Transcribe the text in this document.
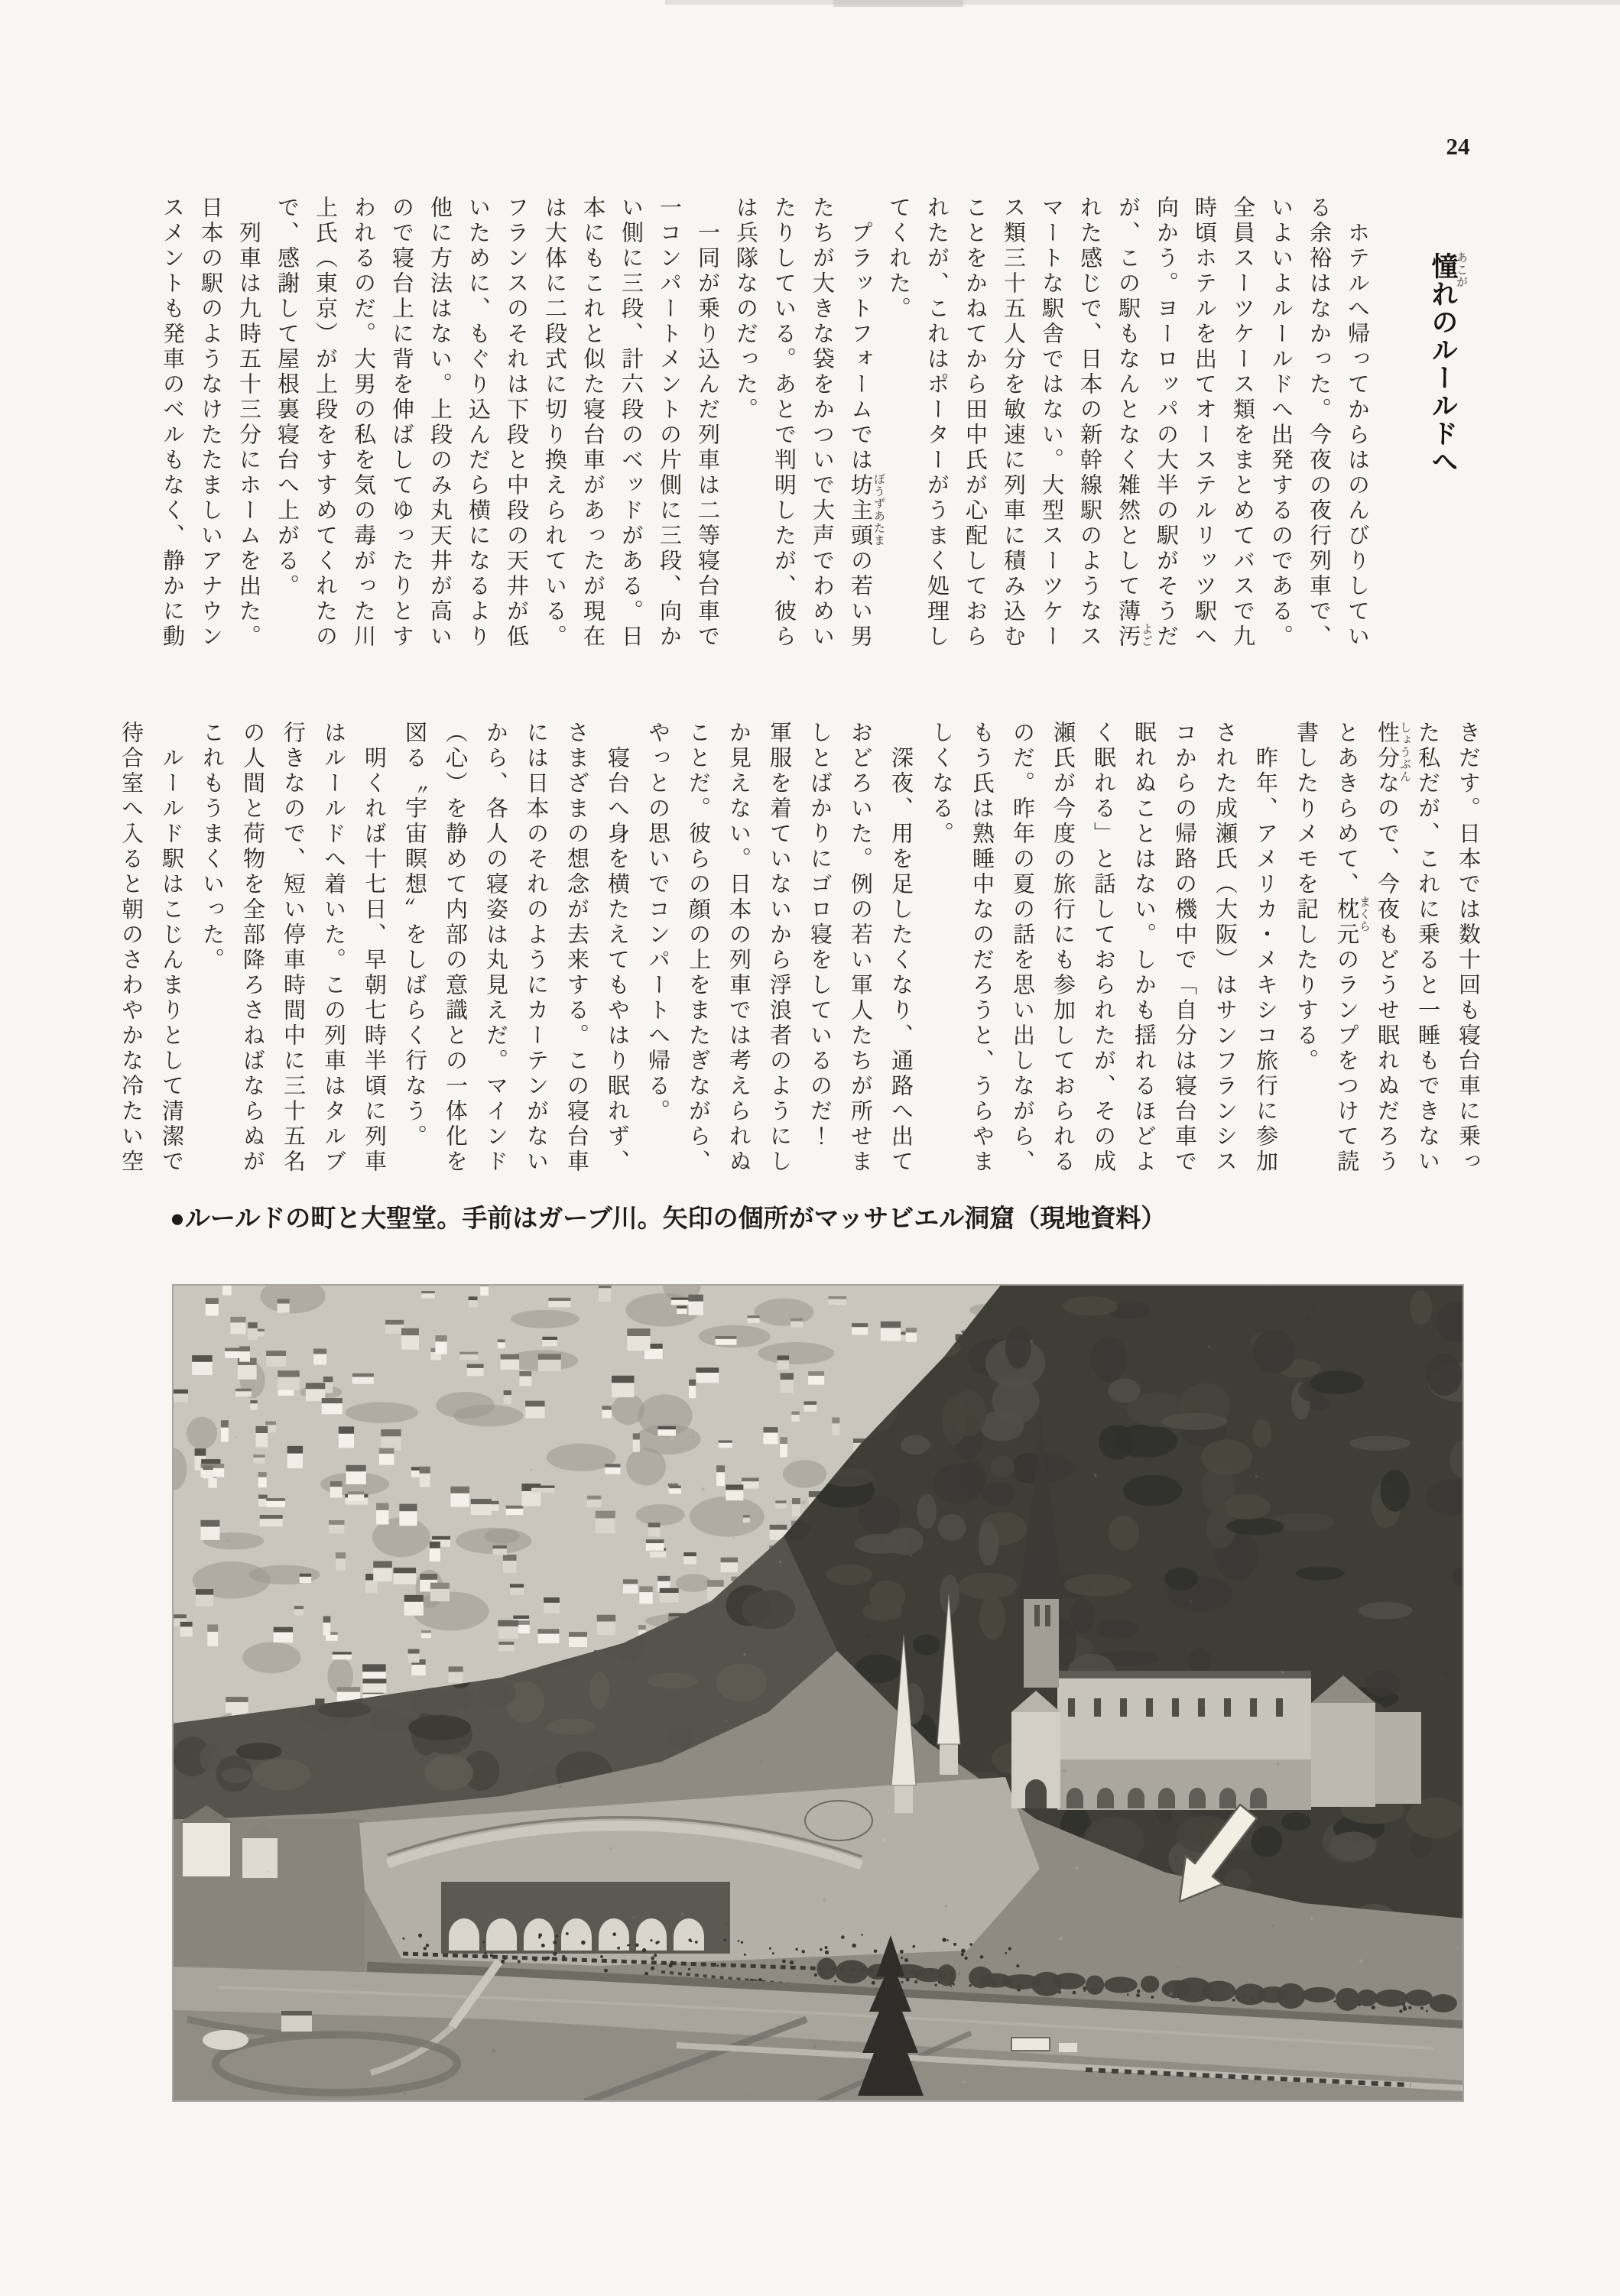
24
憧れのルールドへ
あこが

　ホテルへ帰ってからはのんびりしてい

る余裕はなかった。今夜の夜行列車で、

いよいよルールドへ出発するのである。

全員スーツケース類をまとめてバスで九

時頃ホテルを出てオーステルリッツ駅へ

向かう。ヨーロッパの大半の駅がそうだ

が、この駅もなんとなく雑然として薄汚

れた感じで、日本の新幹線駅のようなス

マートな駅舎ではない。大型スーツケー

ス類三十五人分を敏速に列車に積み込む

ことをかねてから田中氏が心配しておら

れたが、これはポーターがうまく処理し

てくれた。

　プラットフォームでは坊主頭の若い男

たちが大きな袋をかついで大声でわめい

たりしている。あとで判明したが、彼ら

は兵隊なのだった。

　一同が乗り込んだ列車は二等寝台車で

一コンパートメントの片側に三段、向か

い側に三段、計六段のベッドがある。日

本にもこれと似た寝台車があったが現在

は大体に二段式に切り換えられている。

フランスのそれは下段と中段の天井が低

いために、もぐり込んだら横になるより

他に方法はない。上段のみ丸天井が高い

ので寝台上に背を伸ばしてゆったりとす

われるのだ。大男の私を気の毒がった川

上氏（東京）が上段をすすめてくれたの

で、感謝して屋根裏寝台へ上がる。

　列車は九時五十三分にホームを出た。

日本の駅のようなけたたましいアナウン

スメントも発車のベルもなく、静かに動

きだす。日本では数十回も寝台車に乗っ

た私だが、これに乗ると一睡もできない

性分なので、今夜もどうせ眠れぬだろう

とあきらめて、枕元のランプをつけて読

書したりメモを記したりする。

　昨年、アメリカ・メキシコ旅行に参加

された成瀬氏（大阪）はサンフランシス

コからの帰路の機中で「自分は寝台車で

眠れぬことはない。しかも揺れるほどよ

く眠れる」と話しておられたが、その成

瀬氏が今度の旅行にも参加しておられる

のだ。昨年の夏の話を思い出しながら、

もう氏は熟睡中なのだろうと、うらやま

しくなる。

　深夜、用を足したくなり、通路へ出て

おどろいた。例の若い軍人たちが所せま

しとばかりにゴロ寝をしているのだ！

軍服を着ていないから浮浪者のようにし

か見えない。日本の列車では考えられぬ

ことだ。彼らの顔の上をまたぎながら、

やっとの思いでコンパートへ帰る。

　寝台へ身を横たえてもやはり眠れず、

さまざまの想念が去来する。この寝台車

には日本のそれのようにカーテンがない

から、各人の寝姿は丸見えだ。マインド

（心）を静めて内部の意識との一体化を

図る〝宇宙瞑想〟をしばらく行なう。

　明くれば十七日、早朝七時半頃に列車

はルールドへ着いた。この列車はタルブ

行きなので、短い停車時間中に三十五名

の人間と荷物を全部降ろさねばならぬが

これもうまくいった。

　ルールド駅はこじんまりとして清潔で

待合室へ入ると朝のさわやかな冷たい空

よご
ぼうずあたま
しょうぶん
まくら
●ルールドの町と大聖堂。手前はガーブ川。矢印の個所がマッサビエル洞窟（現地資料）
